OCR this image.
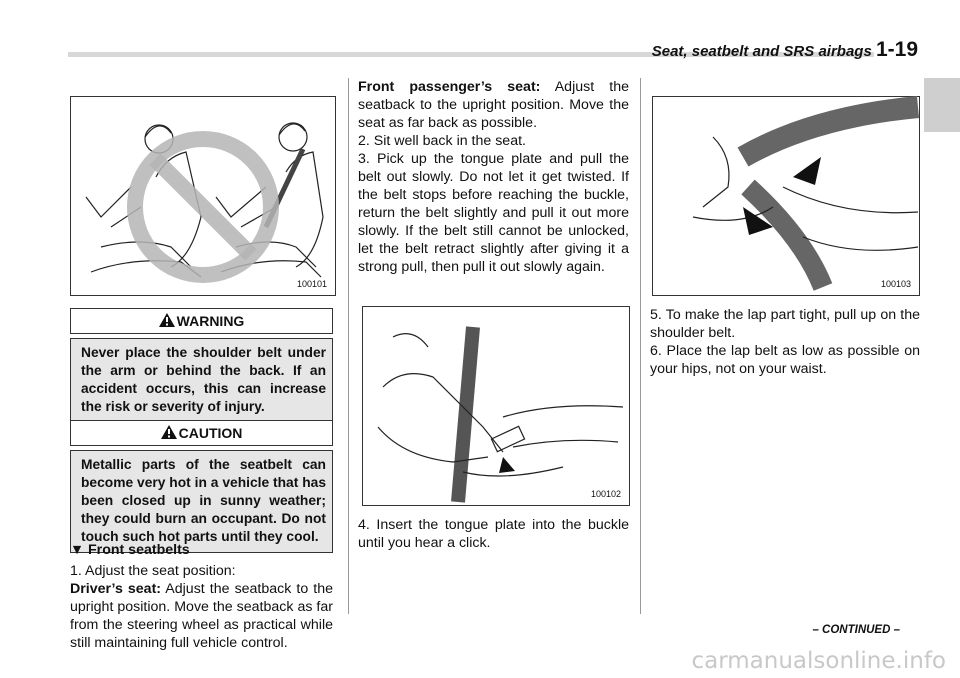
Seat, seatbelt and SRS airbags 1-19
100101
WARNING
Never place the shoulder belt under the arm or behind the back. If an accident occurs, this can increase the risk or severity of injury.
CAUTION
Metallic parts of the seatbelt can become very hot in a vehicle that has been closed up in sunny weather; they could burn an occupant. Do not touch such hot parts until they cool.
▼ Front seatbelts

1. Adjust the seat position:

Driver’s seat: Adjust the seatback to the upright position. Move the seatback as far from the steering wheel as practical while still maintaining full vehicle control.

Front passenger’s seat: Adjust the seatback to the upright position. Move the seat as far back as possible.

2. Sit well back in the seat.

3. Pick up the tongue plate and pull the belt out slowly. Do not let it get twisted. If the belt stops before reaching the buckle, return the belt slightly and pull it out more slowly. If the belt still cannot be unlocked, let the belt retract slightly after giving it a strong pull, then pull it out slowly again.

100102

4. Insert the tongue plate into the buckle until you hear a click.

100103

5. To make the lap part tight, pull up on the shoulder belt.

6. Place the lap belt as low as possible on your hips, not on your waist.

– CONTINUED –
carmanualsonline.info
